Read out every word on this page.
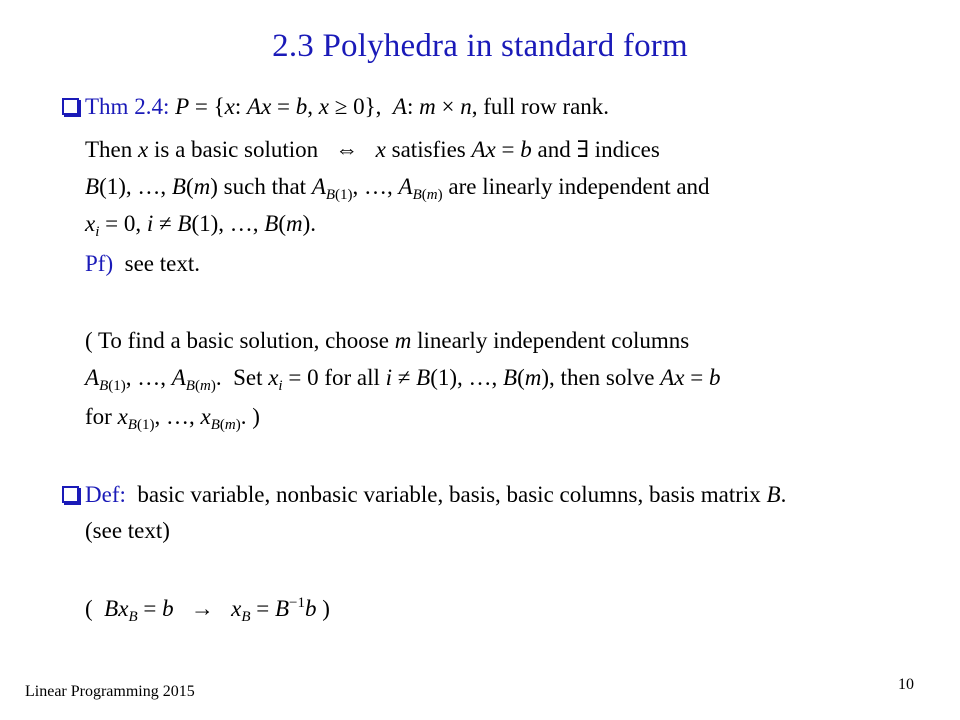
2.3 Polyhedra in standard form
Thm 2.4: P = {x: Ax = b, x ≥ 0},  A: m × n, full row rank.
Then x is a basic solution   ⇔   x satisfies Ax = b and ∃ indices
B(1), …, B(m) such that $A_{B(1)}$, …, $A_{B(m)}$ are linearly independent and
$x_i = 0$, i ≠ B(1), …, B(m).
Pf) see text.
( To find a basic solution, choose m linearly independent columns
$A_{B(1)}$, …, $A_{B(m)}$.  Set $x_i = 0$ for all i ≠ B(1), …, B(m), then solve Ax = b
for $x_{B(1)}$, …, $x_{B(m)}$. )
Def: basic variable, nonbasic variable, basis, basic columns, basis matrix B.
(see text)
(  $Bx_B = b \to x_B = B^{-1}b$ )
Linear Programming 2015	10
